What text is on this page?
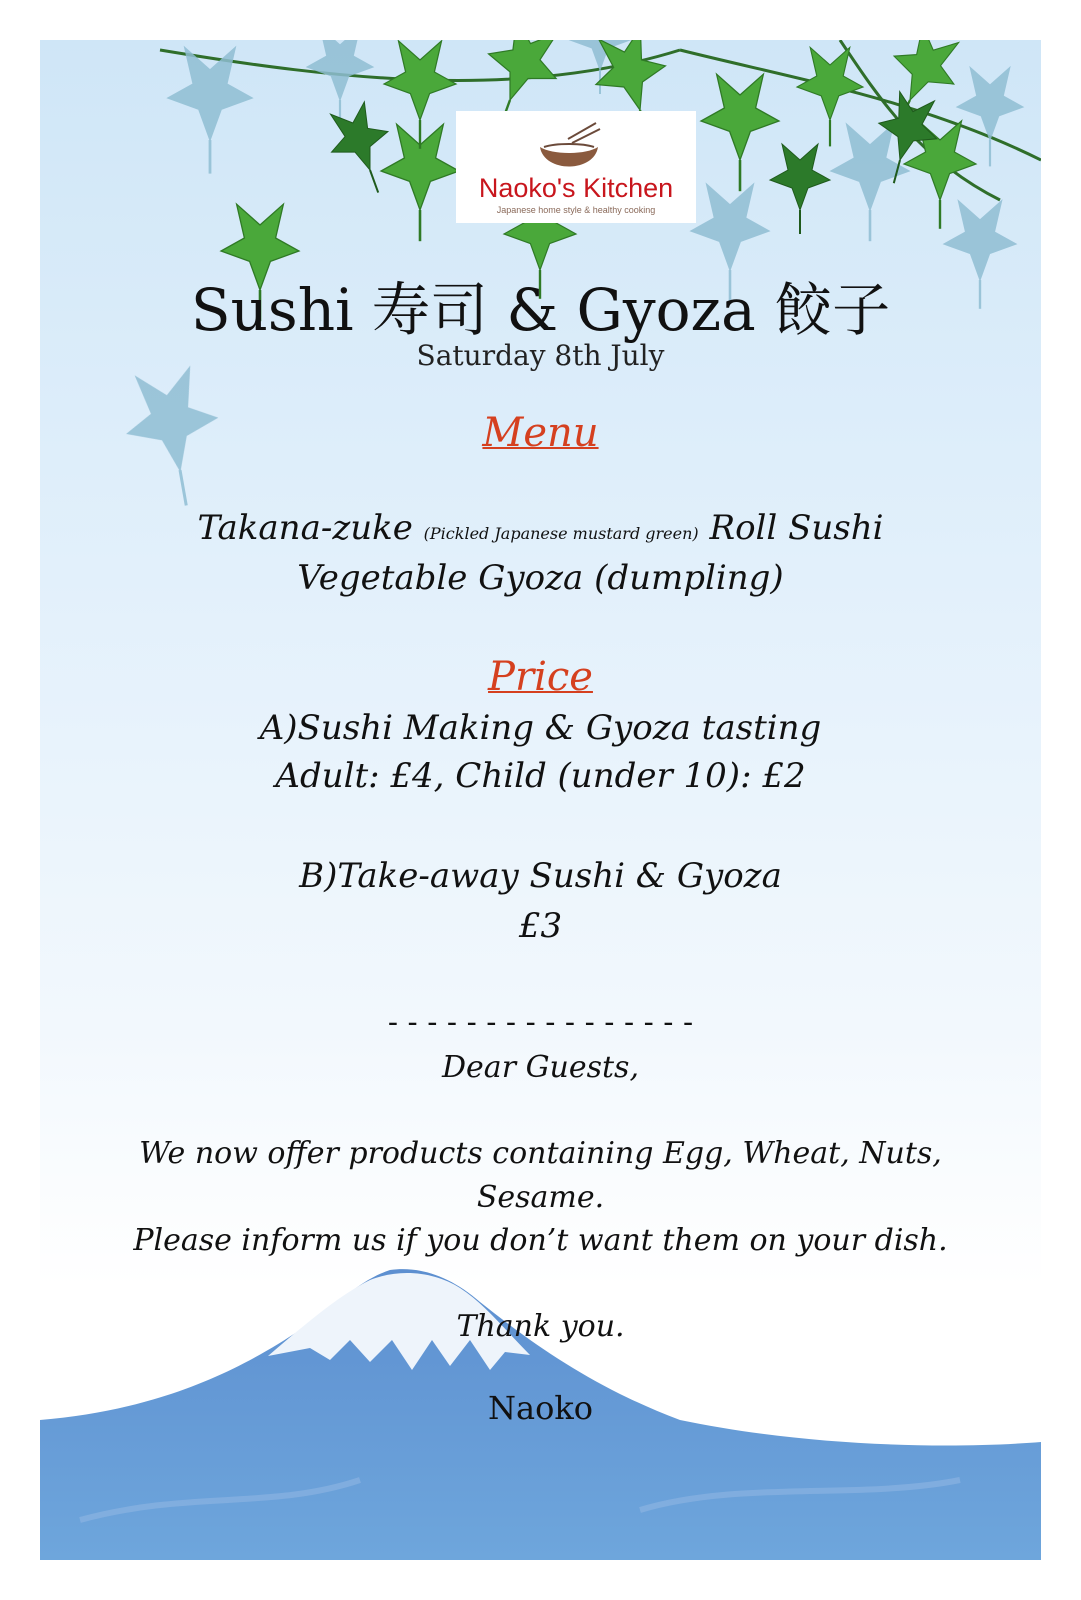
Naoko's Kitchen
Japanese home style & healthy cooking
Sushi 寿司 & Gyoza 餃子
Saturday 8th July
Menu
Takana-zuke (Pickled Japanese mustard green) Roll Sushi
Vegetable Gyoza (dumpling)
Price
A)Sushi Making & Gyoza tasting
Adult: £4, Child (under 10): £2
B)Take-away Sushi & Gyoza
£3
- - - - - - - - - - - - - - - -
Dear Guests,
We now offer products containing Egg, Wheat, Nuts,
Sesame.
Please inform us if you don’t want them on your dish.
Thank you.
Naoko
